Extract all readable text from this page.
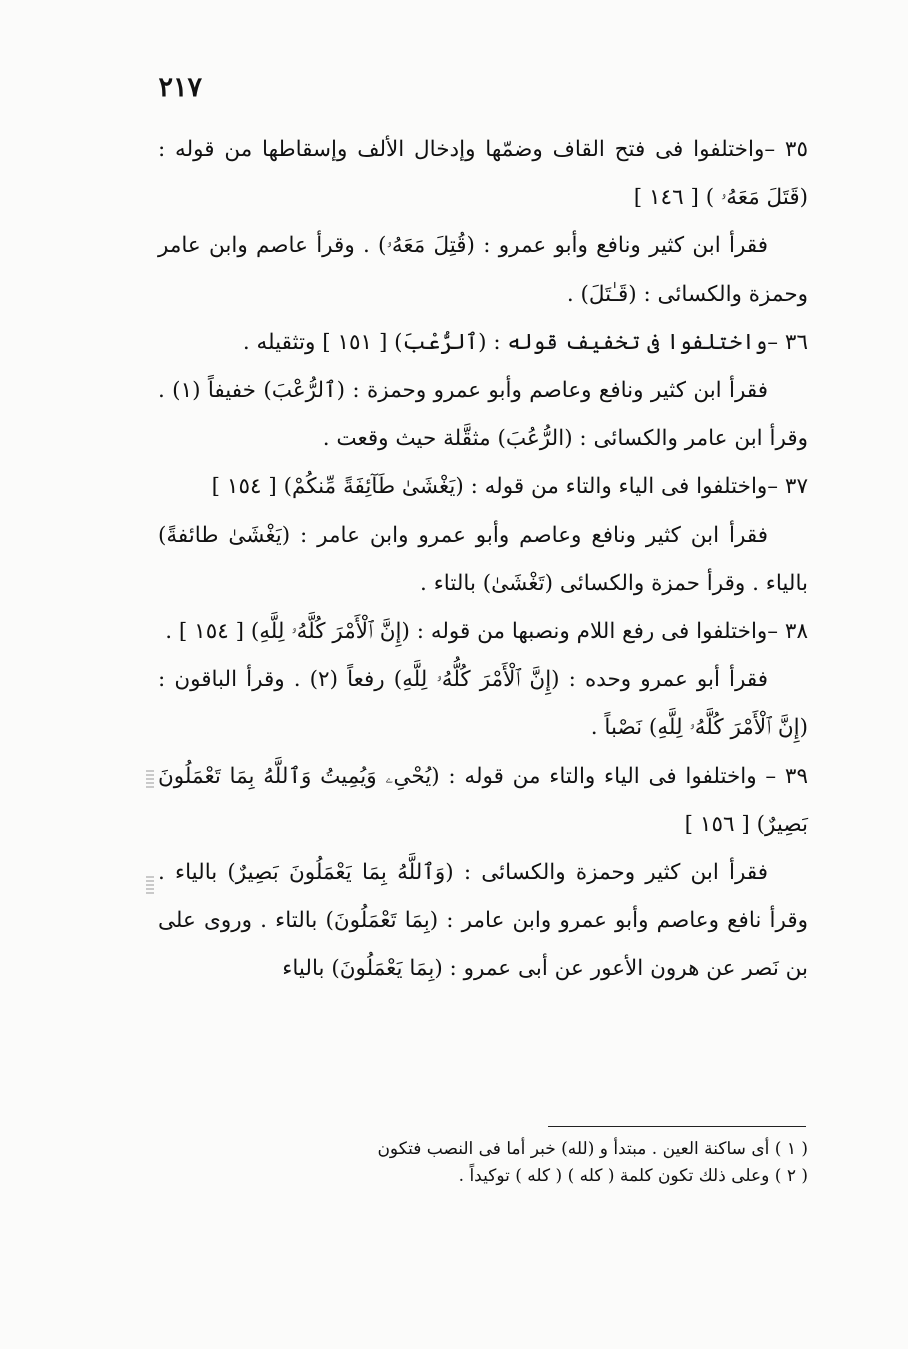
٢١٧

٣٥ –واختلفوا فى فتح القاف وضمّها وإدخال الألف وإسقاطها من قوله : (قَتَلَ مَعَهُۥ ) [ ١٤٦ ]

فقرأ ابن كثير ونافع وأبو عمرو : (قُتِلَ مَعَهُۥ) . وقرأ عاصم وابن عامر وحمزة والكسائى : (قَـٰتَلَ) .

٣٦ –واختلفوا فى تخفيف قوله : (ٱلرُّعْبَ) [ ١٥١ ] وتثقيله .

فقرأ ابن كثير ونافع وعاصم وأبو عمرو وحمزة : (ٱلرُّعْبَ) خفيفاً (١) . وقرأ ابن عامر والكسائى : (الرُّعُبَ) مثقَّلة حيث وقعت .

٣٧ –واختلفوا فى الياء والتاء من قوله : (يَغْشَىٰ طَآئِفَةً مِّنكُمْ) [ ١٥٤ ]

فقرأ ابن كثير ونافع وعاصم وأبو عمرو وابن عامر : (يَغْشَىٰ طائفةً) بالياء . وقرأ حمزة والكسائى (تَغْشَىٰ) بالتاء .

٣٨ –واختلفوا فى رفع اللام ونصبها من قوله : (إِنَّ ٱلْأَمْرَ كُلَّهُۥ لِلَّهِ) [ ١٥٤ ] .

فقرأ أبو عمرو وحده : (إِنَّ ٱلْأَمْرَ كُلُّهُۥ لِلَّهِ) رفعاً (٢) . وقرأ الباقون : (إِنَّ ٱلْأَمْرَ كُلَّهُۥ لِلَّهِ) نَصْباً .

٣٩ – واختلفوا فى الياء والتاء من قوله : (يُحْىِۦ وَيُمِيتُ وَٱللَّهُ بِمَا تَعْمَلُونَ بَصِيرٌ) [ ١٥٦ ]

فقرأ ابن كثير وحمزة والكسائى : (وَٱللَّهُ بِمَا يَعْمَلُونَ بَصِيرٌ) بالياء . وقرأ نافع وعاصم وأبو عمرو وابن عامر : (بِمَا تَعْمَلُونَ) بالتاء . وروى على بن نَصر عن هرون الأعور عن أبى عمرو : (بِمَا يَعْمَلُونَ) بالياء

( ١ ) أى ساكنة العين . مبتدأ و (لله) خبر أما فى النصب فتكون

( ٢ ) وعلى ذلك تكون كلمة ( كله ) ( كله ) توكيداً .
